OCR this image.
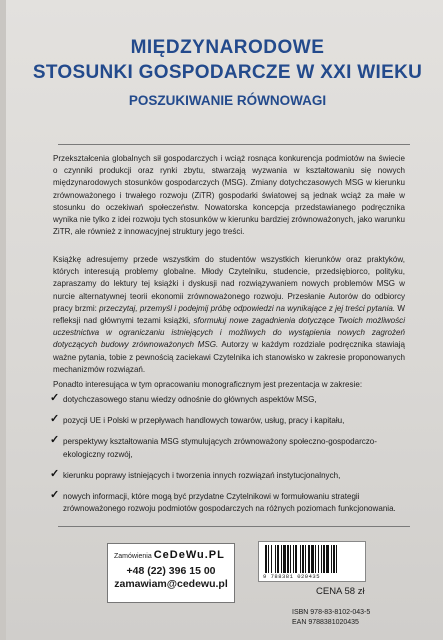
MIĘDZYNARODOWE
STOSUNKI GOSPODARCZE W XXI WIEKU
POSZUKIWANIE RÓWNOWAGI

Przekształcenia globalnych sił gospodarczych i wciąż rosnąca konkurencja podmiotów na świecie o czynniki produkcji oraz rynki zbytu, stwarzają wyzwania w kształtowaniu się nowych międzynarodowych stosunków gospodarczych (MSG). Zmiany dotychczasowych MSG w kierunku zrównoważonego i trwałego rozwoju (ZiTR) gospodarki światowej są jednak wciąż za małe w stosunku do oczekiwań społeczeństw. Nowatorska koncepcja przedstawianego podręcznika wynika nie tylko z idei rozwoju tych stosunków w kierunku bardziej zrównoważonych, jako warunku ZiTR, ale również z innowacyjnej struktury jego treści.

Książkę adresujemy przede wszystkim do studentów wszystkich kierunków oraz praktyków, których interesują problemy globalne. Młody Czytelniku, studencie, przedsiębiorco, polityku, zapraszamy do lektury tej książki i dyskusji nad rozwiązywaniem nowych problemów MSG w nurcie alternatywnej teorii ekonomii zrównoważonego rozwoju. Przesłanie Autorów do odbiorcy pracy brzmi: przeczytaj, przemyśl i podejmij próbę odpowiedzi na wynikające z jej treści pytania. W refleksji nad głównymi tezami książki, sformułuj nowe zagadnienia dotyczące Twoich możliwości uczestnictwa w ograniczaniu istniejących i możliwych do wystąpienia nowych zagrożeń dotyczących budowy zrównoważonych MSG. Autorzy w każdym rozdziale podręcznika stawiają ważne pytania, tobie z pewnością zaciekawi Czytelnika ich stanowisko w zakresie proponowanych mechanizmów rozwiązań.

Ponadto interesująca w tym opracowaniu monograficznym jest prezentacja w zakresie:

✓ dotychczasowego stanu wiedzy odnośnie do głównych aspektów MSG,
✓ pozycji UE i Polski w przepływach handlowych towarów, usług, pracy i kapitału,
✓ perspektywy kształtowania MSG stymulujących zrównoważony społeczno-gospodarczo-ekologiczny rozwój,
✓ kierunku poprawy istniejących i tworzenia innych rozwiązań instytucjonalnych,
✓ nowych informacji, które mogą być przydatne Czytelnikowi w formułowaniu strategii zrównoważonego rozwoju podmiotów gospodarczych na różnych poziomach funkcjonowania.
Zamówienia CeDeWu.PL
+48 (22) 396 15 00
zamawiam@cedewu.pl
9 788381 020435
CENA 58 zł
ISBN 978-83-8102-043-5
EAN 9788381020435
